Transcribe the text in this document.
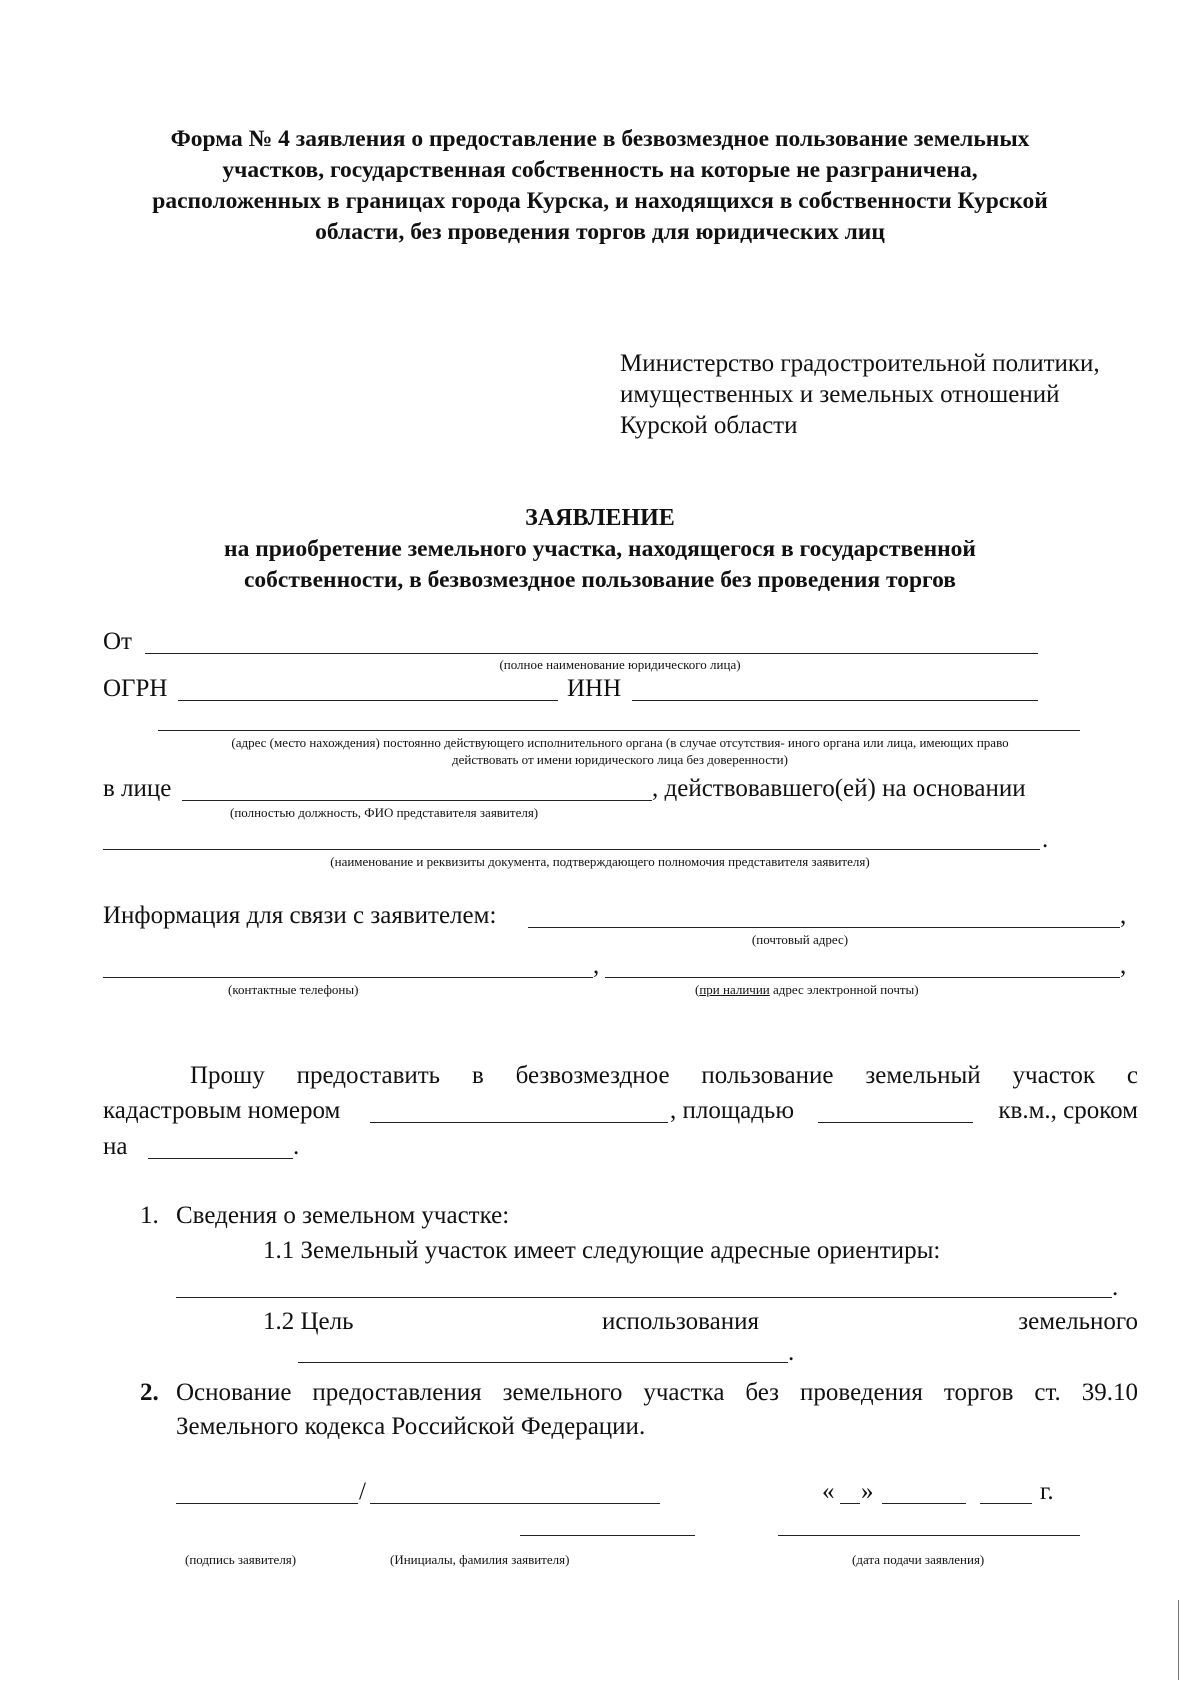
Форма № 4 заявления о предоставление в безвозмездное пользование земельных
участков, государственная собственность на которые не разграничена,
расположенных в границах города Курска, и находящихся в собственности Курской
области, без проведения торгов для юридических лиц
Министерство градостроительной политики,
имущественных и земельных отношений
Курской области
ЗАЯВЛЕНИЕ
на приобретение земельного участка, находящегося в государственной
собственности, в безвозмездное пользование без проведения торгов
От
(полное наименование юридического лица)
ОГРН	ИНН
(адрес (место нахождения) постоянно действующего исполнительного органа (в случае отсутствия- иного органа или лица, имеющих право
действовать от имени юридического лица без доверенности)
в лице	, действовавшего(ей) на основании
(полностью должность, ФИО представителя заявителя)
.
(наименование и реквизиты документа, подтверждающего полномочия представителя заявителя)
Информация для связи с заявителем:	,
(почтовый адрес)
,	,
(контактные телефоны)	(при наличии адрес электронной почты)
Прошу предоставить в безвозмездное пользование земельный участок с
кадастровым номером	, площадью	кв.м., сроком
на	.
1. Сведения о земельном участке:
1.1 Земельный участок имеет следующие адресные ориентиры:
.
1.2 Цель	использования	земельного
.
2. Основание предоставления земельного участка без проведения торгов ст. 39.10
Земельного кодекса Российской Федерации.
/	« »	г.
(подпись заявителя)	(Инициалы, фамилия заявителя)	(дата подачи заявления)
